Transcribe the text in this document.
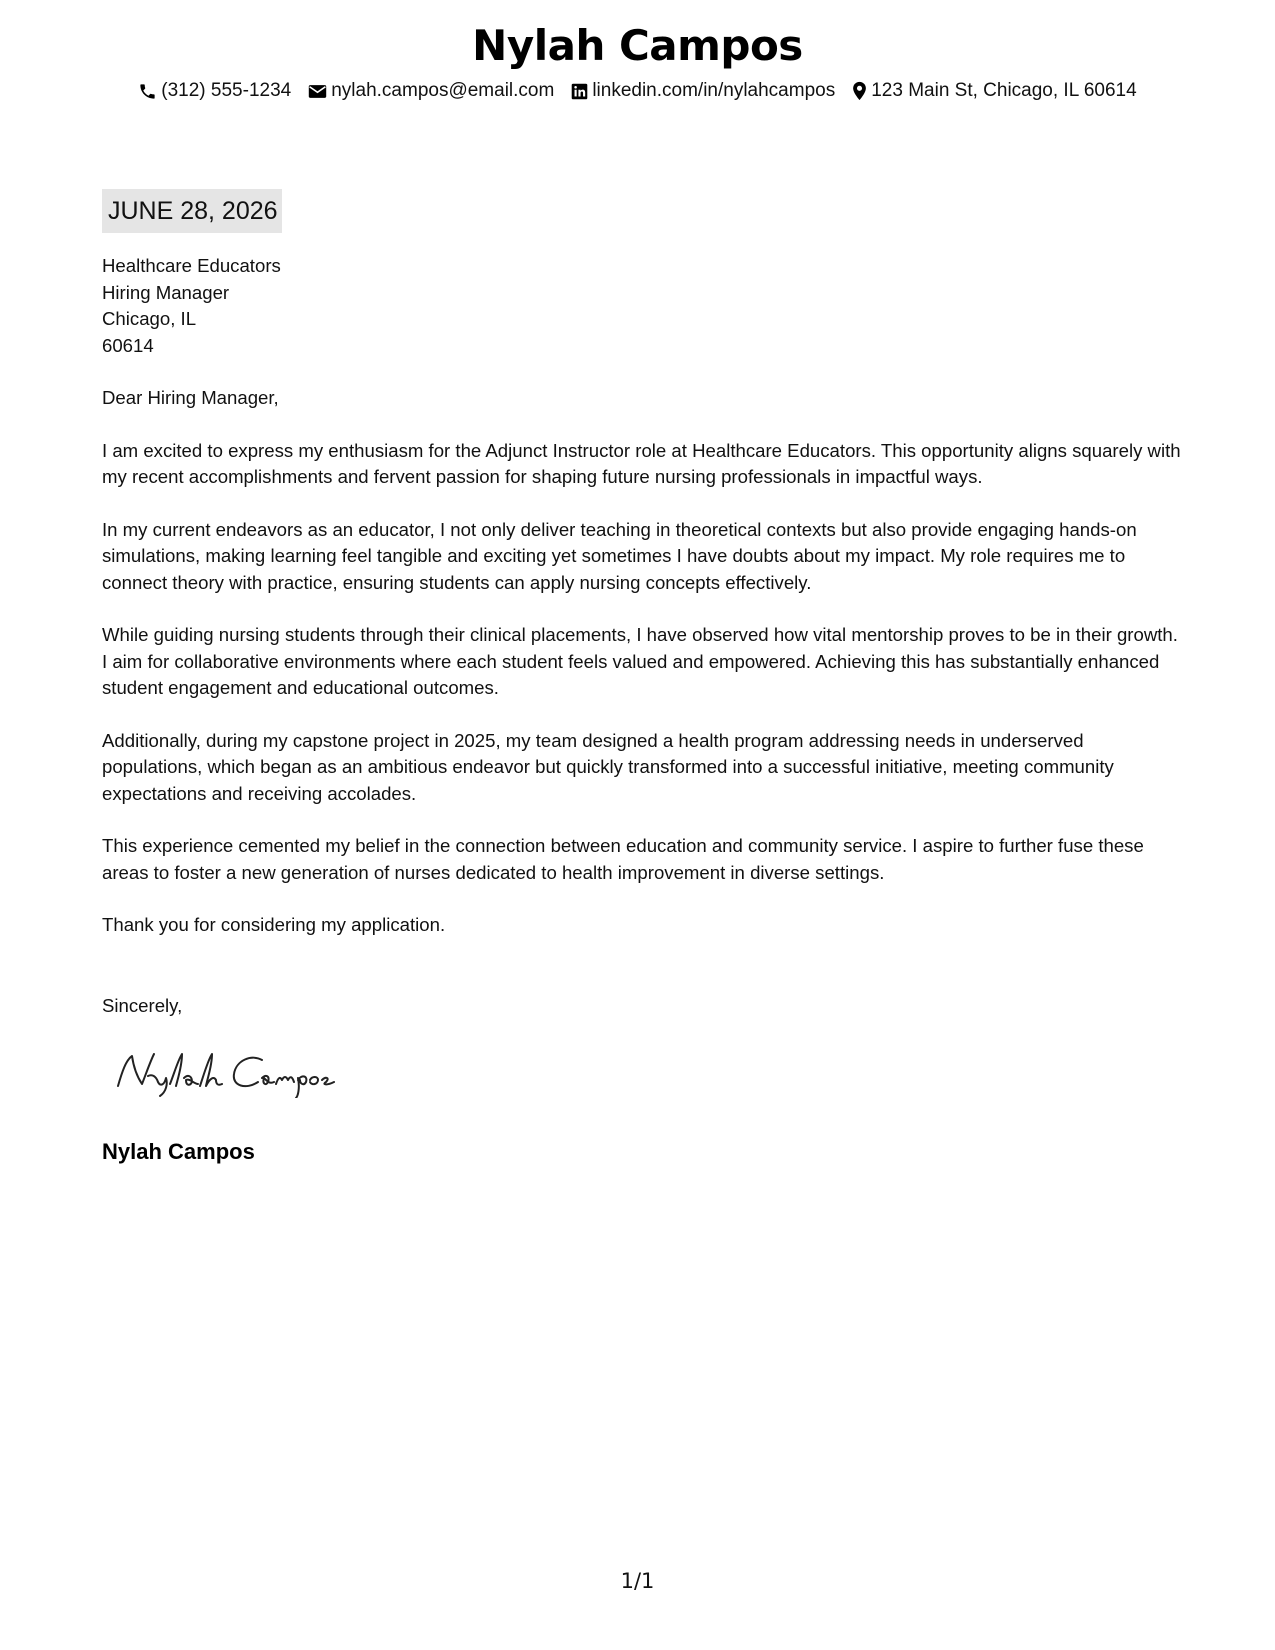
Nylah Campos
(312) 555-1234 nylah.campos@email.com linkedin.com/in/nylahcampos 123 Main St, Chicago, IL 60614
JUNE 28, 2026
Healthcare Educators
Hiring Manager
Chicago, IL
60614
Dear Hiring Manager,

I am excited to express my enthusiasm for the Adjunct Instructor role at Healthcare Educators. This opportunity aligns squarely with my recent accomplishments and fervent passion for shaping future nursing professionals in impactful ways.

In my current endeavors as an educator, I not only deliver teaching in theoretical contexts but also provide engaging hands-on simulations, making learning feel tangible and exciting yet sometimes I have doubts about my impact. My role requires me to connect theory with practice, ensuring students can apply nursing concepts effectively.

While guiding nursing students through their clinical placements, I have observed how vital mentorship proves to be in their growth. I aim for collaborative environments where each student feels valued and empowered. Achieving this has substantially enhanced student engagement and educational outcomes.

Additionally, during my capstone project in 2025, my team designed a health program addressing needs in underserved populations, which began as an ambitious endeavor but quickly transformed into a successful initiative, meeting community expectations and receiving accolades.

This experience cemented my belief in the connection between education and community service. I aspire to further fuse these areas to foster a new generation of nurses dedicated to health improvement in diverse settings.

Thank you for considering my application.
Sincerely,
Nylah Campos
1/1
